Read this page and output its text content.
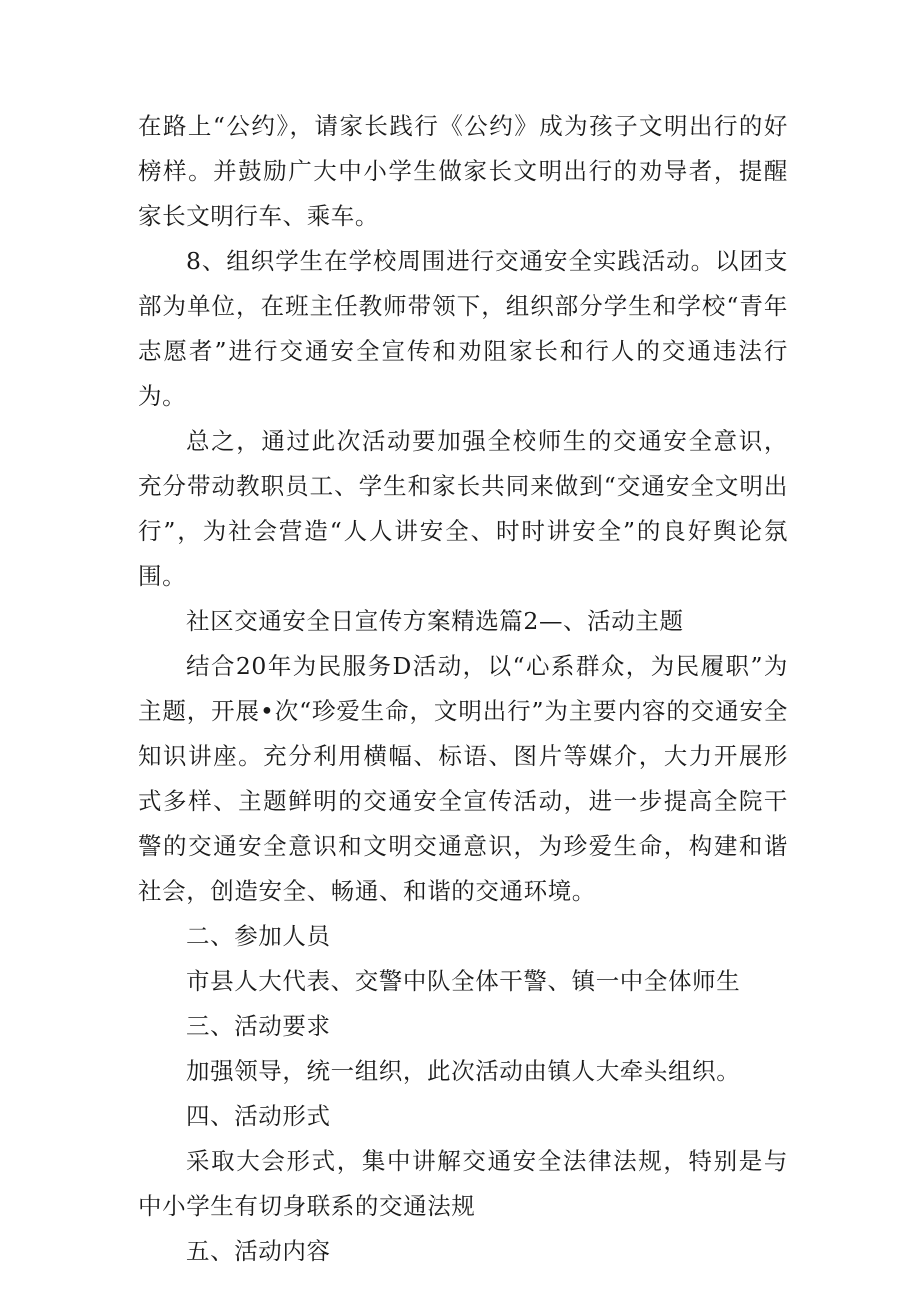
在路上“公约》，请家长践行《公约》成为孩子文明出行的好榜样。并鼓励广大中小学生做家长文明出行的劝导者，提醒家长文明行车、乘车。

8、组织学生在学校周围进行交通安全实践活动。以团支部为单位，在班主任教师带领下，组织部分学生和学校“青年志愿者”进行交通安全宣传和劝阻家长和行人的交通违法行为。

总之，通过此次活动要加强全校师生的交通安全意识，充分带动教职员工、学生和家长共同来做到“交通安全文明出行”，为社会营造“人人讲安全、时时讲安全”的良好舆论氛围。

社区交通安全日宣传方案精选篇2—、活动主题

结合20年为民服务D活动，以“心系群众，为民履职”为主题，开展•次“珍爱生命，文明出行”为主要内容的交通安全知识讲座。充分利用横幅、标语、图片等媒介，大力开展形式多样、主题鲜明的交通安全宣传活动，进一步提高全院干警的交通安全意识和文明交通意识，为珍爱生命，构建和谐社会，创造安全、畅通、和谐的交通环境。

二、参加人员

市县人大代表、交警中队全体干警、镇一中全体师生

三、活动要求

加强领导，统一组织，此次活动由镇人大牵头组织。

四、活动形式

采取大会形式，集中讲解交通安全法律法规，特别是与中小学生有切身联系的交通法规

五、活动内容
